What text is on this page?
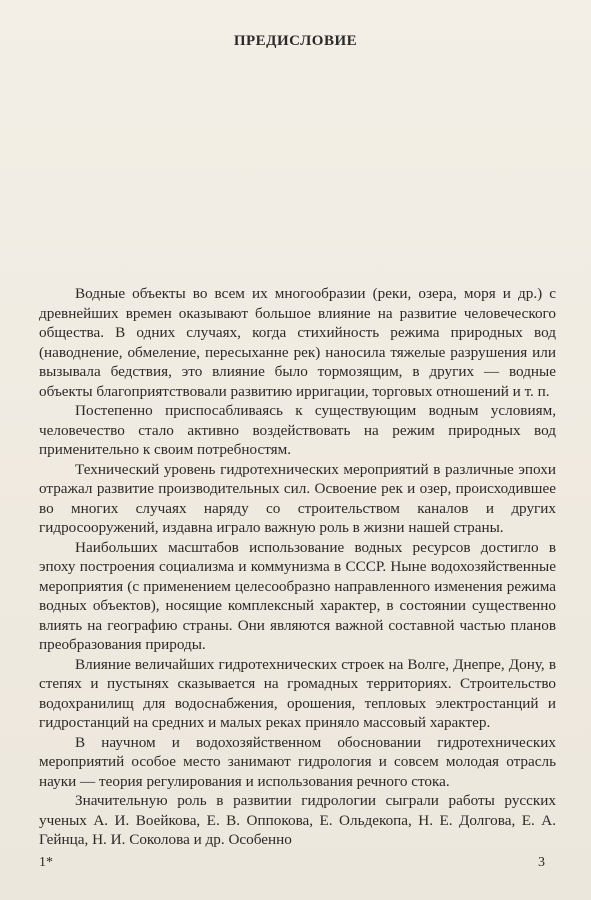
ПРЕДИСЛОВИЕ

Водные объекты во всем их многообразии (реки, озера, моря и др.) с древнейших времен оказывают большое влияние на развитие человеческого общества. В одних случаях, когда стихийность режима природных вод (наводнение, обмеление, пересыханне рек) наносила тяжелые разрушения или вызывала бедствия, это влияние было тормозящим, в других — водные объекты благоприятствовали развитию ирригации, торговых отношений и т. п.

Постепенно приспосабливаясь к существующим водным условиям, человечество стало активно воздействовать на режим природных вод применительно к своим потребностям.

Технический уровень гидротехнических мероприятий в различные эпохи отражал развитие производительных сил. Освоение рек и озер, происходившее во многих случаях наряду со строительством каналов и других гидросооружений, издавна играло важную роль в жизни нашей страны.

Наибольших масштабов использование водных ресурсов достигло в эпоху построения социализма и коммунизма в СССР. Ныне водохозяйственные мероприятия (с применением целесообразно направленного изменения режима водных объектов), носящие комплексный характер, в состоянии существенно влиять на географию страны. Они являются важной составной частью планов преобразования природы.

Влияние величайших гидротехнических строек на Волге, Днепре, Дону, в степях и пустынях сказывается на громадных территориях. Строительство водохранилищ для водоснабжения, орошения, тепловых электростанций и гидростанций на средних и малых реках приняло массовый характер.

В научном и водохозяйственном обосновании гидротехнических мероприятий особое место занимают гидрология и совсем молодая отрасль науки — теория регулирования и использования речного стока.

Значительную роль в развитии гидрологии сыграли работы русских ученых А. И. Воейкова, Е. В. Оппокова, Е. Ольдекопа, Н. Е. Долгова, Е. А. Гейнца, Н. И. Соколова и др. Особенно

1*	3
